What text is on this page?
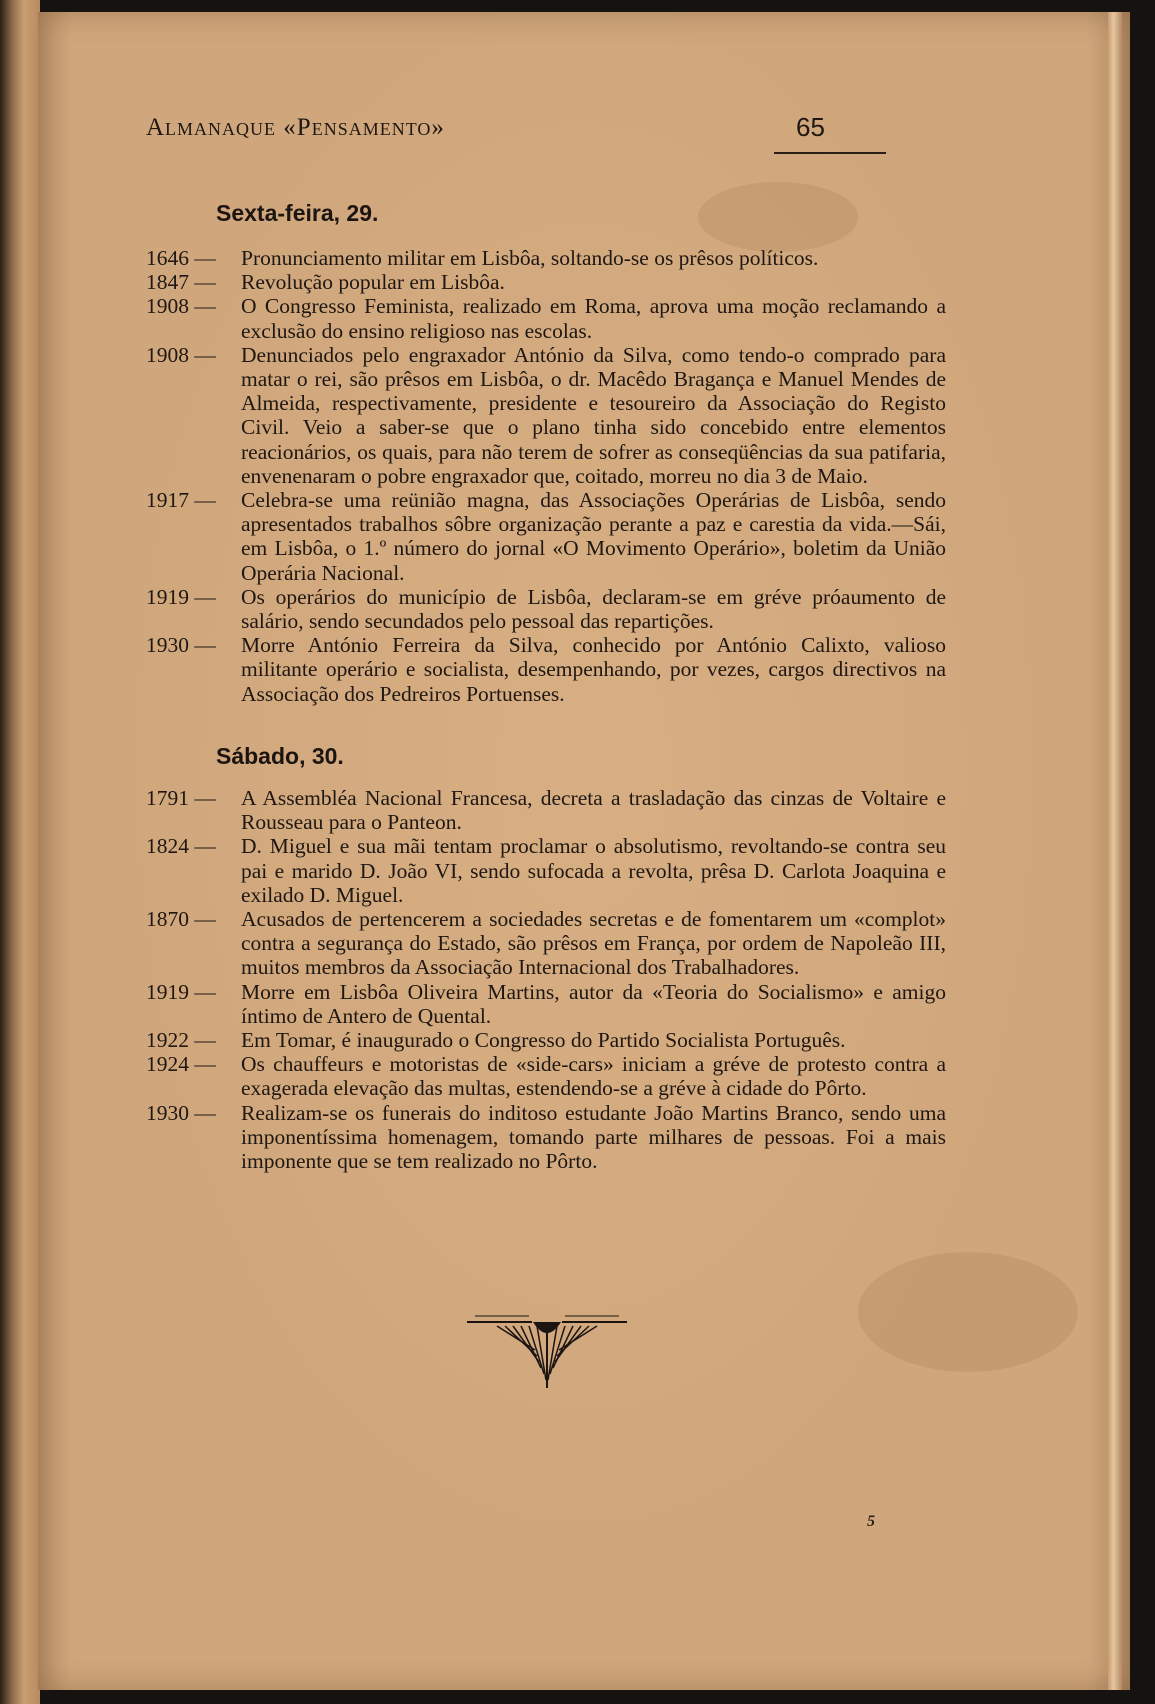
Almanaque «Pensamento»	65
Sexta-feira, 29.
1646 —	Pronunciamento militar em Lisbôa, soltando-se os prêsos políticos.
1847 —	Revolução popular em Lisbôa.
1908 —	O Congresso Feminista, realizado em Roma, aprova uma moção reclamando a exclusão do ensino religioso nas escolas.
1908 —	Denunciados pelo engraxador António da Silva, como tendo-o comprado para matar o rei, são prêsos em Lisbôa, o dr. Macêdo Bragança e Manuel Mendes de Almeida, respectivamente, presidente e tesoureiro da Associação do Registo Civil. Veio a saber-se que o plano tinha sido concebido entre elementos reacionários, os quais, para não terem de sofrer as conseqüências da sua patifaria, envenenaram o pobre engraxador que, coitado, morreu no dia 3 de Maio.
1917 —	Celebra-se uma reünião magna, das Associações Operárias de Lisbôa, sendo apresentados trabalhos sôbre organização perante a paz e carestia da vida.—Sái, em Lisbôa, o 1.º número do jornal «O Movimento Operário», boletim da União Operária Nacional.
1919 —	Os operários do município de Lisbôa, declaram-se em gréve próaumento de salário, sendo secundados pelo pessoal das repartições.
1930 —	Morre António Ferreira da Silva, conhecido por António Calixto, valioso militante operário e socialista, desempenhando, por vezes, cargos directivos na Associação dos Pedreiros Portuenses.
Sábado, 30.
1791 —	A Assembléa Nacional Francesa, decreta a trasladação das cinzas de Voltaire e Rousseau para o Panteon.
1824 —	D. Miguel e sua mãi tentam proclamar o absolutismo, revoltando-se contra seu pai e marido D. João VI, sendo sufocada a revolta, prêsa D. Carlota Joaquina e exilado D. Miguel.
1870 —	Acusados de pertencerem a sociedades secretas e de fomentarem um «complot» contra a segurança do Estado, são prêsos em França, por ordem de Napoleão III, muitos membros da Associação Internacional dos Trabalhadores.
1919 —	Morre em Lisbôa Oliveira Martins, autor da «Teoria do Socialismo» e amigo íntimo de Antero de Quental.
1922 —	Em Tomar, é inaugurado o Congresso do Partido Socialista Português.
1924 —	Os chauffeurs e motoristas de «side-cars» iniciam a gréve de protesto contra a exagerada elevação das multas, estendendo-se a gréve à cidade do Pôrto.
1930 —	Realizam-se os funerais do inditoso estudante João Martins Branco, sendo uma imponentíssima homenagem, tomando parte milhares de pessoas. Foi a mais imponente que se tem realizado no Pôrto.
5
